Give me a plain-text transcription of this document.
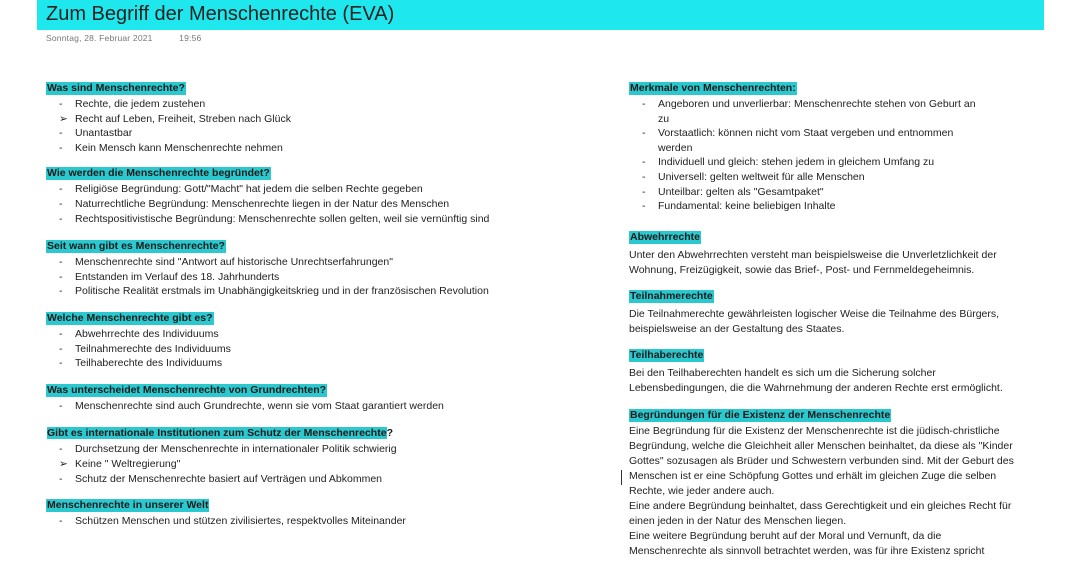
Zum Begriff der Menschenrechte (EVA)
Sonntag, 28. Februar 2021	19:56
Was sind Menschenrechte?
-	Rechte, die jedem zustehen
➢ Recht auf Leben, Freiheit, Streben nach Glück
-	Unantastbar
-	Kein Mensch kann Menschenrechte nehmen
Wie werden die Menschenrechte begründet?
-	Religiöse Begründung: Gott/"Macht" hat jedem die selben Rechte gegeben
-	Naturrechtliche Begründung: Menschenrechte liegen in der Natur des Menschen
-	Rechtspositivistische Begründung: Menschenrechte sollen gelten, weil sie vernünftig sind
Seit wann gibt es Menschenrechte?
-	Menschenrechte sind "Antwort auf historische Unrechtserfahrungen"
-	Entstanden im Verlauf des 18. Jahrhunderts
-	Politische Realität erstmals im Unabhängigkeitskrieg und in der französischen Revolution
Welche Menschenrechte gibt es?
-	Abwehrrechte des Individuums
-	Teilnahmerechte des Individuums
-	Teilhaberechte des Individuums
Was unterscheidet Menschenrechte von Grundrechten?
-	Menschenrechte sind auch Grundrechte, wenn sie vom Staat garantiert werden
Gibt es internationale Institutionen zum Schutz der Menschenrechte?
-	Durchsetzung der Menschenrechte in internationaler Politik schwierig
➢ Keine " Weltregierung"
-	Schutz der Menschenrechte basiert auf Verträgen und Abkommen
Menschenrechte in unserer Welt
-	Schützen Menschen und stützen zivilisiertes, respektvolles Miteinander
Merkmale von Menschenrechten:
-	Angeboren und unverlierbar: Menschenrechte stehen von Geburt an
zu
-	Vorstaatlich: können nicht vom Staat vergeben und entnommen
werden
-	Individuell und gleich: stehen jedem in gleichem Umfang zu
-	Universell: gelten weltweit für alle Menschen
-	Unteilbar: gelten als "Gesamtpaket"
-	Fundamental: keine beliebigen Inhalte
Abwehrrechte
Unter den Abwehrrechten versteht man beispielsweise die Unverletzlichkeit der
Wohnung, Freizügigkeit, sowie das Brief-, Post- und Fernmeldegeheimnis.
Teilnahmerechte
Die Teilnahmerechte gewährleisten logischer Weise die Teilnahme des Bürgers,
beispielsweise an der Gestaltung des Staates.
Teilhaberechte
Bei den Teilhaberechten handelt es sich um die Sicherung solcher
Lebensbedingungen, die die Wahrnehmung der anderen Rechte erst ermöglicht.
Begründungen für die Existenz der Menschenrechte
Eine Begründung für die Existenz der Menschenrechte ist die jüdisch-christliche
Begründung, welche die Gleichheit aller Menschen beinhaltet, da diese als "Kinder
Gottes" sozusagen als Brüder und Schwestern verbunden sind. Mit der Geburt des
Menschen ist er eine Schöpfung Gottes und erhält im gleichen Zuge die selben
Rechte, wie jeder andere auch.
Eine andere Begründung beinhaltet, dass Gerechtigkeit und ein gleiches Recht für
einen jeden in der Natur des Menschen liegen.
Eine weitere Begründung beruht auf der Moral und Vernunft, da die
Menschenrechte als sinnvoll betrachtet werden, was für ihre Existenz spricht
